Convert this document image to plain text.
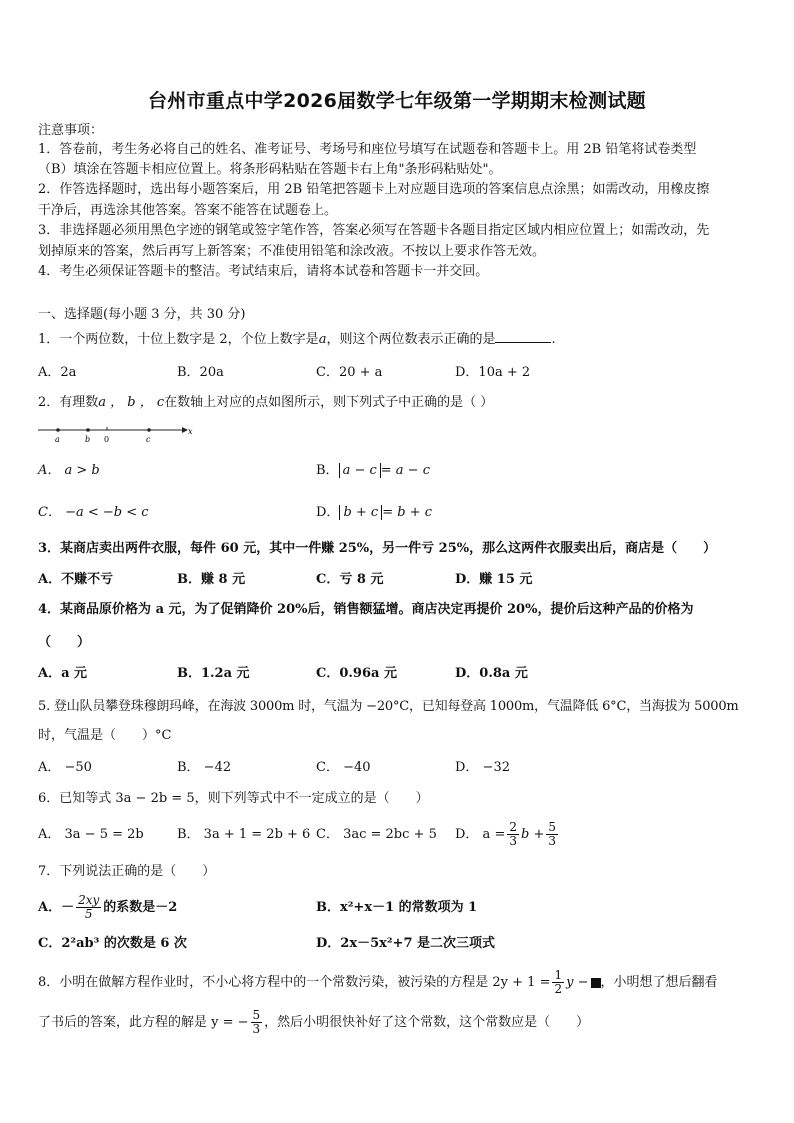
台州市重点中学2026届数学七年级第一学期期末检测试题
注意事项：
1．答卷前，考生务必将自己的姓名、准考证号、考场号和座位号填写在试题卷和答题卡上。用 2B 铅笔将试卷类型
（B）填涂在答题卡相应位置上。将条形码粘贴在答题卡右上角"条形码粘贴处"。
2．作答选择题时，选出每小题答案后，用 2B 铅笔把答题卡上对应题目选项的答案信息点涂黑；如需改动，用橡皮擦
干净后，再选涂其他答案。答案不能答在试题卷上。
3．非选择题必须用黑色字迹的钢笔或签字笔作答，答案必须写在答题卡各题目指定区域内相应位置上；如需改动，先
划掉原来的答案，然后再写上新答案；不准使用铅笔和涂改液。不按以上要求作答无效。
4．考生必须保证答题卡的整洁。考试结束后，请将本试卷和答题卡一并交回。
一、选择题(每小题 3 分，共 30 分)
1．一个两位数，十位上数字是 2，个位上数字是a，则这个两位数表示正确的是	.
A．2a	B．20a	C．20 + a	D．10a + 2
2．有理数a ， b ， c在数轴上对应的点如图所示，则下列式子中正确的是（ ）
a	b 0	c
x
A． a > b	B． a − c = a − c
C． −a < −b < c	D． b + c = b + c
3．某商店卖出两件衣服，每件 60 元，其中一件赚 25%，另一件亏 25%，那么这两件衣服卖出后，商店是（　　）
A．不赚不亏	B．赚 8 元	C．亏 8 元	D．赚 15 元
4．某商品原价格为 a 元，为了促销降价 20%后，销售额猛增。商店决定再提价 20%，提价后这种产品的价格为
（　　）
A．a 元	B．1.2a 元	C．0.96a 元	D．0.8a 元
5. 登山队员攀登珠穆朗玛峰，在海波 3000m 时，气温为 −20°C，已知每登高 1000m，气温降低 6°C，当海拔为 5000m
时，气温是（　　）°C
A． −50	B． −42	C． −40	D． −32
6．已知等式 3a − 2b = 5，则下列等式中不一定成立的是（　　）
A． 3a − 5 = 2b	B． 3a + 1 = 2b + 6 C． 3ac = 2bc + 5 D． $a = \frac{2}{3}$ $b + \frac{5}{3}$
7．下列说法正确的是（　　）
A．－ $\frac{2xy}{5}$ 的系数是－2	B．x²+x－1 的常数项为 1
C．2²ab³ 的次数是 6 次	D．2x－5x²+7 是二次三项式
8．小明在做解方程作业时，不小心将方程中的一个常数污染，被污染的方程是 $2y + 1 = \frac{1}{2}$ y − ，小明想了想后翻看
了书后的答案，此方程的解是 y = − $\frac{5}{3}$ ，然后小明很快补好了这个常数，这个常数应是（　　）
